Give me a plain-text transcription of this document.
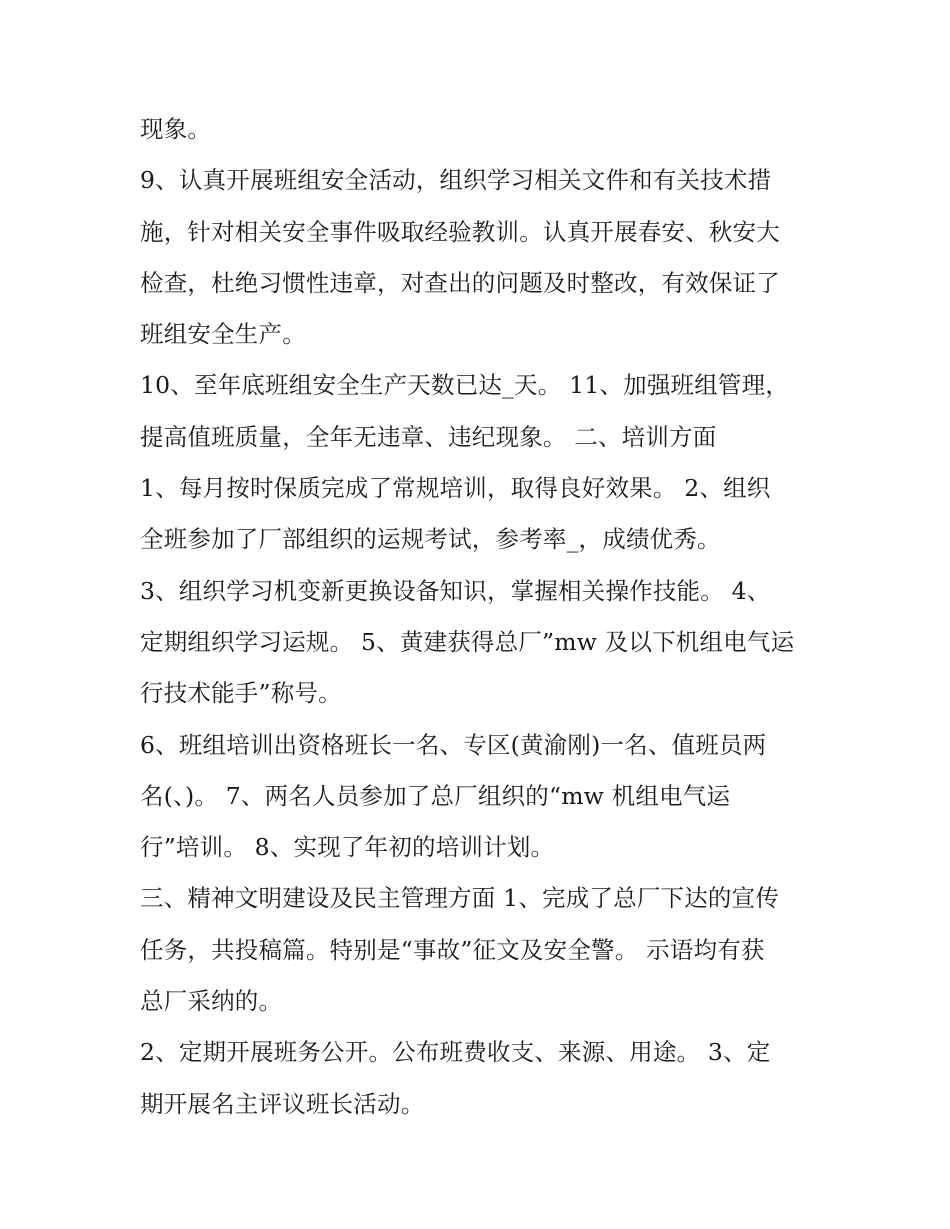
现象。
9、认真开展班组安全活动，组织学习相关文件和有关技术措
施，针对相关安全事件吸取经验教训。认真开展春安、秋安大
检查，杜绝习惯性违章，对查出的问题及时整改，有效保证了
班组安全生产。
10、至年底班组安全生产天数已达_天。 11、加强班组管理，
提高值班质量，全年无违章、违纪现象。 二、培训方面
1、每月按时保质完成了常规培训，取得良好效果。 2、组织
全班参加了厂部组织的运规考试，参考率_，成绩优秀。
3、组织学习机变新更换设备知识，掌握相关操作技能。 4、
定期组织学习运规。 5、黄建获得总厂”mw 及以下机组电气运
行技术能手”称号。
6、班组培训出资格班长一名、专区(黄渝刚)一名、值班员两
名(、)。 7、两名人员参加了总厂组织的“mw 机组电气运
行”培训。 8、实现了年初的培训计划。
三、精神文明建设及民主管理方面 1、完成了总厂下达的宣传
任务，共投稿篇。特别是“事故”征文及安全警。 示语均有获
总厂采纳的。
2、定期开展班务公开。公布班费收支、来源、用途。 3、定
期开展名主评议班长活动。
